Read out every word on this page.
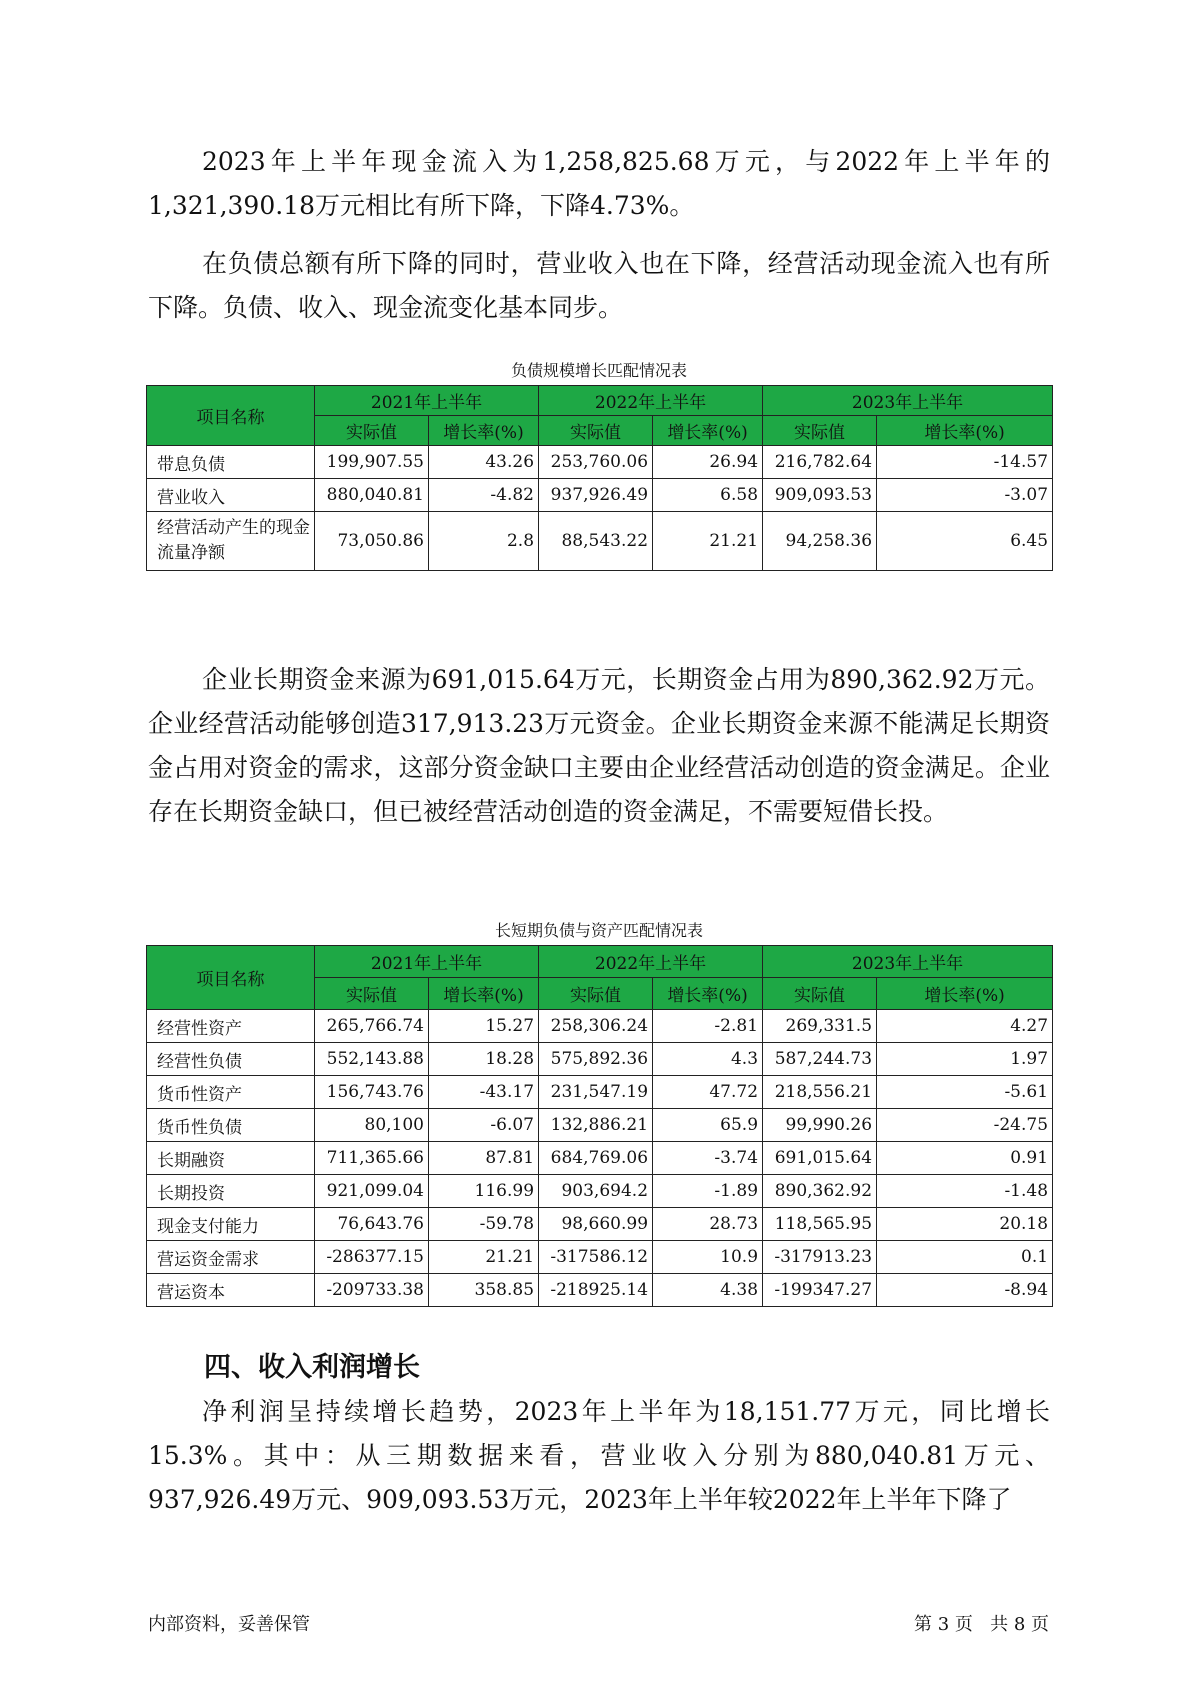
2023年上半年现金流入为1,258,825.68万元，与2022年上半年的1,321,390.18万元相比有所下降，下降4.73%。

在负债总额有所下降的同时，营业收入也在下降，经营活动现金流入也有所下降。负债、收入、现金流变化基本同步。

负债规模增长匹配情况表

项目名称	2021年上半年		2022年上半年		2023年上半年	
	实际值	增长率(%)	实际值	增长率(%)	实际值	增长率(%)
带息负债	199,907.55	43.26	253,760.06	26.94	216,782.64	-14.57
营业收入	880,040.81	-4.82	937,926.49	6.58	909,093.53	-3.07
经营活动产生的现金流量净额	73,050.86	2.8	88,543.22	21.21	94,258.36	6.45

企业长期资金来源为691,015.64万元，长期资金占用为890,362.92万元。企业经营活动能够创造317,913.23万元资金。企业长期资金来源不能满足长期资金占用对资金的需求，这部分资金缺口主要由企业经营活动创造的资金满足。企业存在长期资金缺口，但已被经营活动创造的资金满足，不需要短借长投。

长短期负债与资产匹配情况表

项目名称	2021年上半年		2022年上半年		2023年上半年	
	实际值	增长率(%)	实际值	增长率(%)	实际值	增长率(%)
经营性资产	265,766.74	15.27	258,306.24	-2.81	269,331.5	4.27
经营性负债	552,143.88	18.28	575,892.36	4.3	587,244.73	1.97
货币性资产	156,743.76	-43.17	231,547.19	47.72	218,556.21	-5.61
货币性负债	80,100	-6.07	132,886.21	65.9	99,990.26	-24.75
长期融资	711,365.66	87.81	684,769.06	-3.74	691,015.64	0.91
长期投资	921,099.04	116.99	903,694.2	-1.89	890,362.92	-1.48
现金支付能力	76,643.76	-59.78	98,660.99	28.73	118,565.95	20.18
营运资金需求	-286377.15	21.21	-317586.12	10.9	-317913.23	0.1
营运资本	-209733.38	358.85	-218925.14	4.38	-199347.27	-8.94
四、收入利润增长

净利润呈持续增长趋势，2023年上半年为18,151.77万元，同比增长15.3%。其中：从三期数据来看，营业收入分别为880,040.81万元、937,926.49万元、909,093.53万元，2023年上半年较2022年上半年下降了

内部资料，妥善保管	第 3 页   共 8 页
